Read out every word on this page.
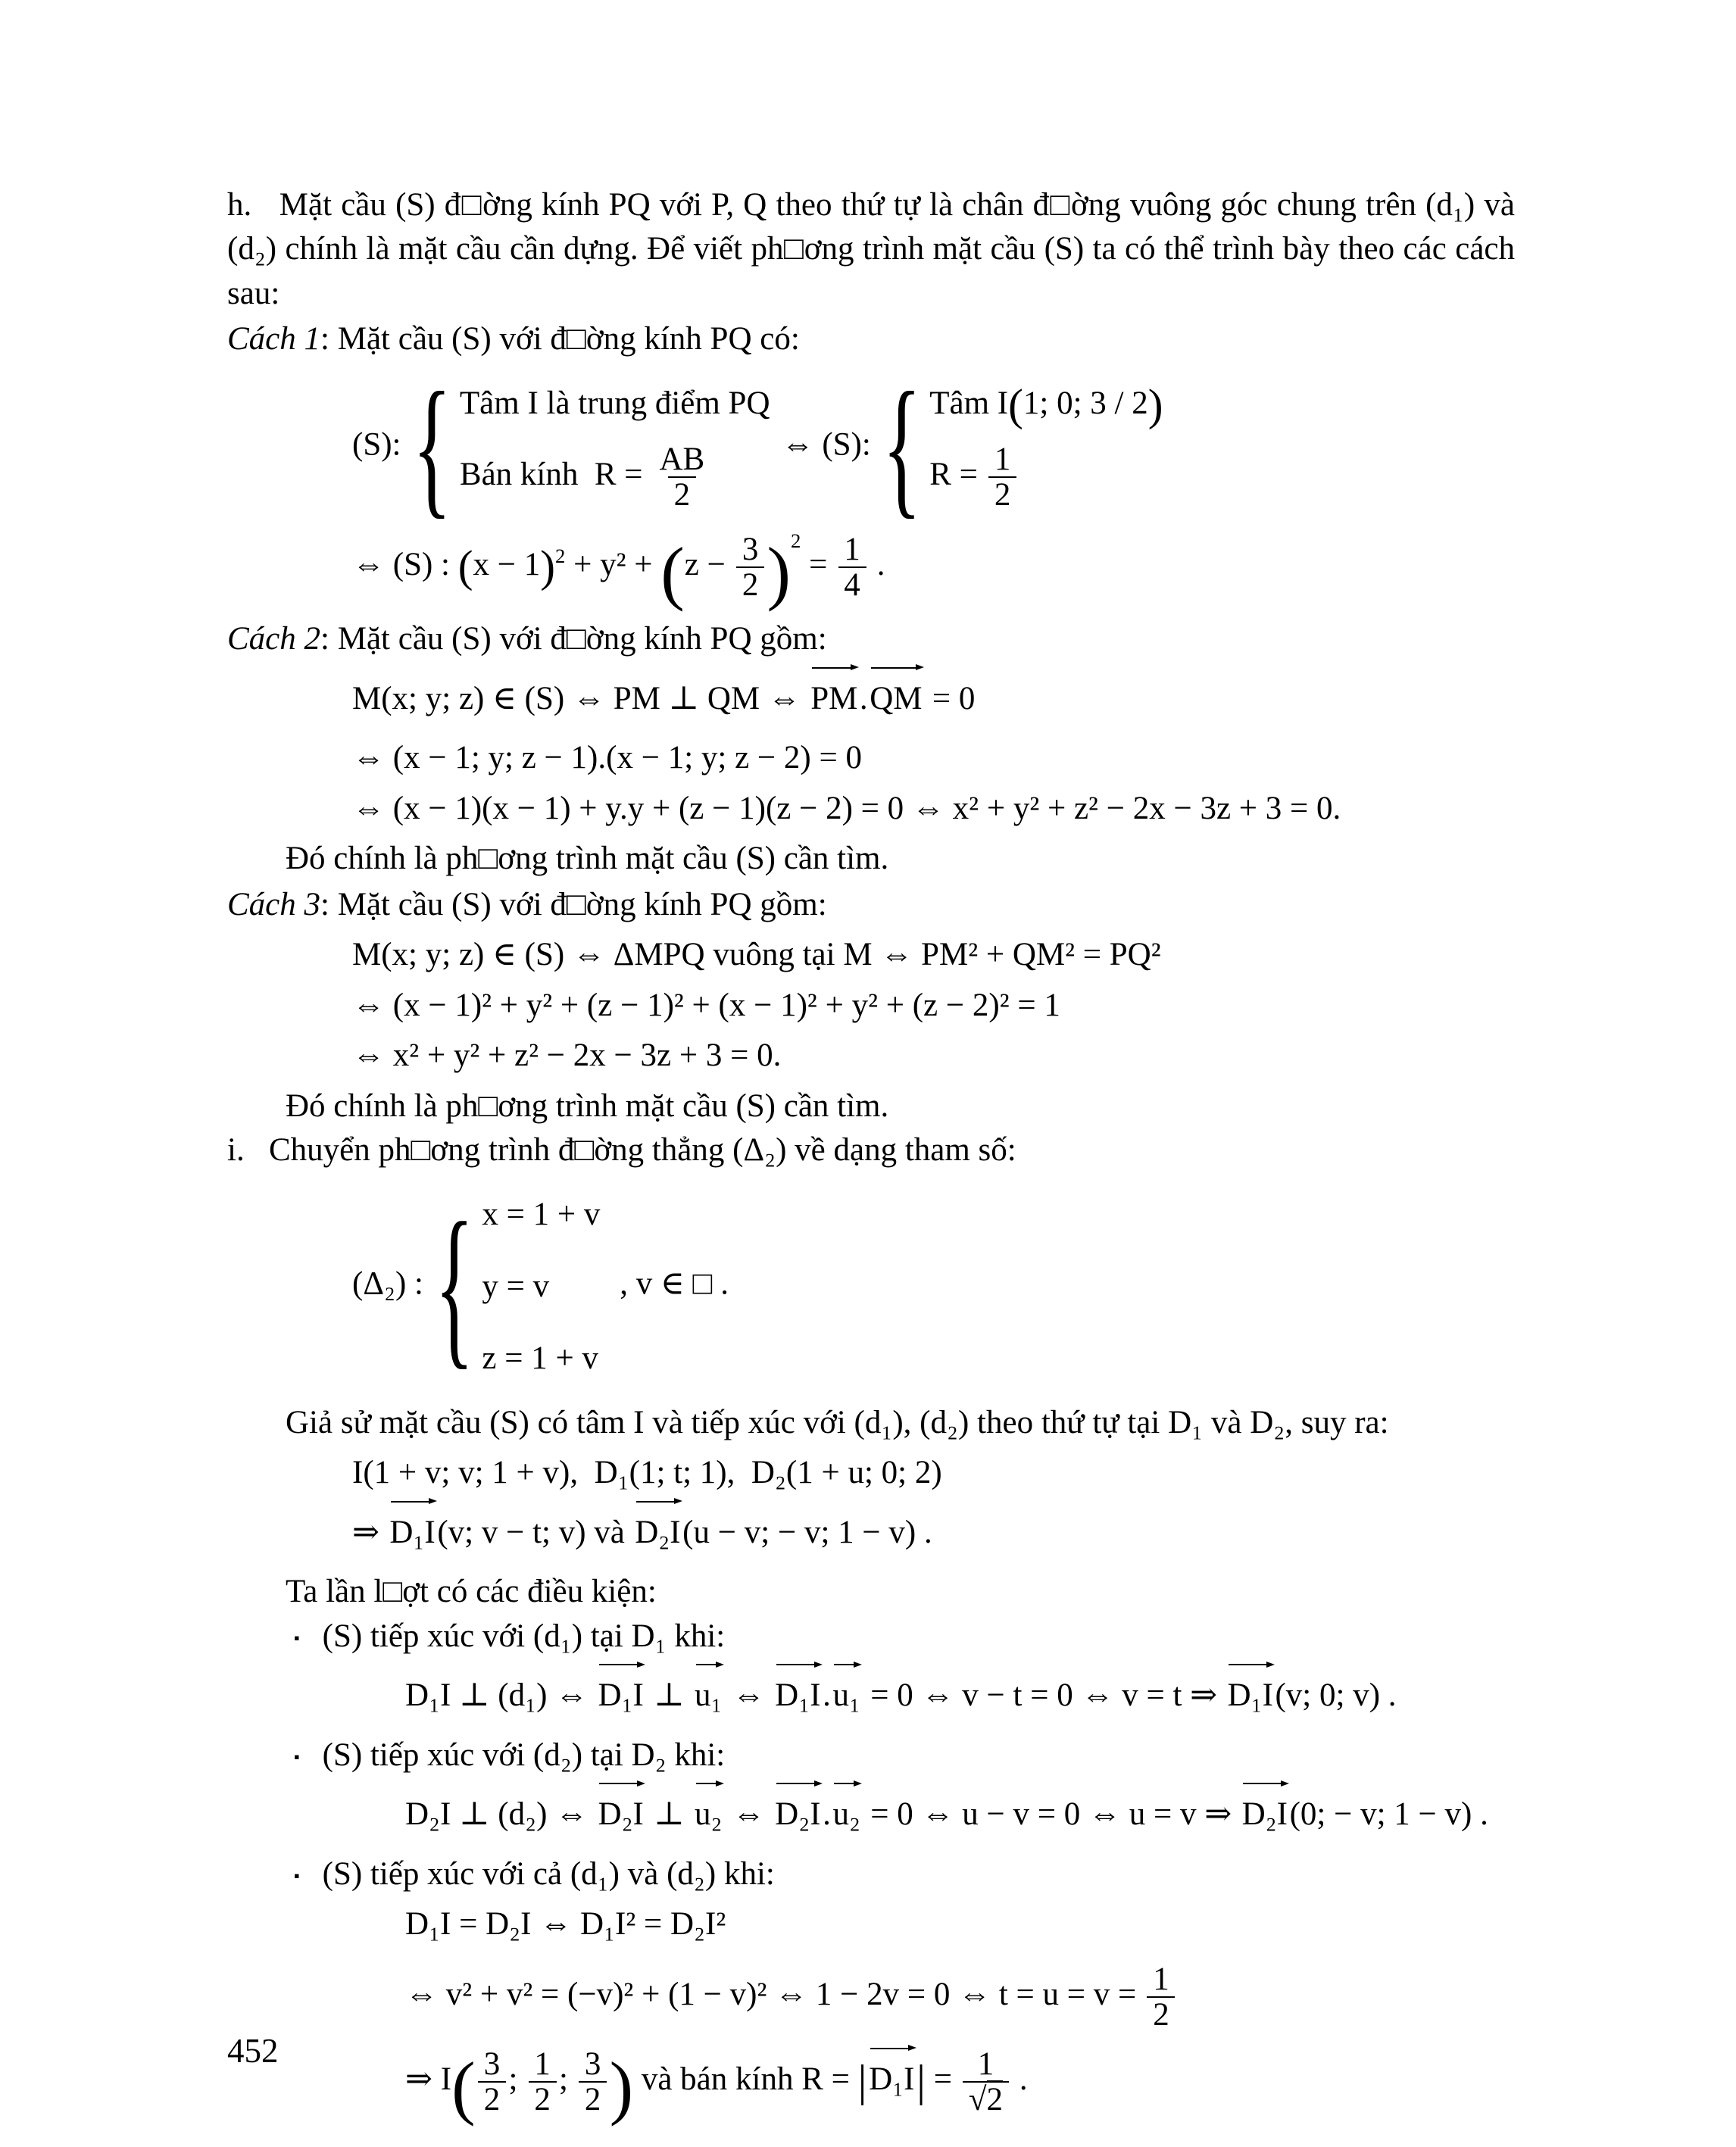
h.   Mặt cầu (S) đ□ờng kính PQ với P, Q theo thứ tự là chân đ□ờng vuông góc chung trên (d₁) và (d₂) chính là mặt cầu cần dựng. Để viết ph□ơng trình mặt cầu (S) ta có thể trình bày theo các cách sau:
Cách 1: Mặt cầu (S) với đ□ờng kính PQ có:
(S): { Tâm I là trung điểm PQ
Bán kính  $R = \frac{AB}{2}$ ⇔ (S): { Tâm I(1; 0; 3 / 2)
$R = \frac{1}{2}$
⇔ (S) : $(x - 1)^2 + y^2 + (z - \frac{3}{2} )^2 = \frac{1}{4}$ .
Cách 2: Mặt cầu (S) với đ□ờng kính PQ gồm:
M(x; y; z) ∈ (S) ⇔ PM ⊥ QM ⇔ PM.QM = 0
⇔ (x − 1; y; z − 1).(x − 1; y; z − 2) = 0
⇔ (x − 1)(x − 1) + y.y + (z − 1)(z − 2) = 0 ⇔ x² + y² + z² − 2x − 3z + 3 = 0.
Đó chính là ph□ơng trình mặt cầu (S) cần tìm.
Cách 3: Mặt cầu (S) với đ□ờng kính PQ gồm:
M(x; y; z) ∈ (S) ⇔ ΔMPQ vuông tại M ⇔ PM² + QM² = PQ²
⇔ (x − 1)² + y² + (z − 1)² + (x − 1)² + y² + (z − 2)² = 1
⇔ x² + y² + z² − 2x − 3z + 3 = 0.
Đó chính là ph□ơng trình mặt cầu (S) cần tìm.
i.   Chuyển ph□ơng trình đ□ờng thẳng (Δ₂) về dạng tham số:
(Δ₂) : { x = 1 + v
y = v
z = 1 + v
, v ∈ □ .
Giả sử mặt cầu (S) có tâm I và tiếp xúc với (d₁), (d₂) theo thứ tự tại D₁ và D₂, suy ra:
I(1 + v; v; 1 + v),  D₁(1; t; 1),  D₂(1 + u; 0; 2)
⇒ D₁I(v; v − t; v) và D₂I(u − v; − v; 1 − v) .
Ta lần l□ợt có các điều kiện:
▪ (S) tiếp xúc với (d₁) tại D₁ khi:
D₁I ⊥ (d₁) ⇔ D₁I ⊥ u₁ ⇔ D₁I.u₁ = 0 ⇔ v − t = 0 ⇔ v = t ⇒ D₁I(v; 0; v) .
▪ (S) tiếp xúc với (d₂) tại D₂ khi:
D₂I ⊥ (d₂) ⇔ D₂I ⊥ u₂ ⇔ D₂I.u₂ = 0 ⇔ u − v = 0 ⇔ u = v ⇒ D₂I(0; − v; 1 − v) .
▪ (S) tiếp xúc với cả (d₁) và (d₂) khi:
D₁I = D₂I ⇔ D₁I² = D₂I²
⇔ v² + v² = (−v)² + (1 − v)² ⇔ 1 − 2v = 0 ⇔ $t = u = v = \frac{1}{2}$
⇒ $I( \frac{3}{2}$ ; $\frac{1}{2}$ ; $\frac{3}{2}$ ) và bán kính $R = |D_1I| = \frac{1}{√2}$ .
452
